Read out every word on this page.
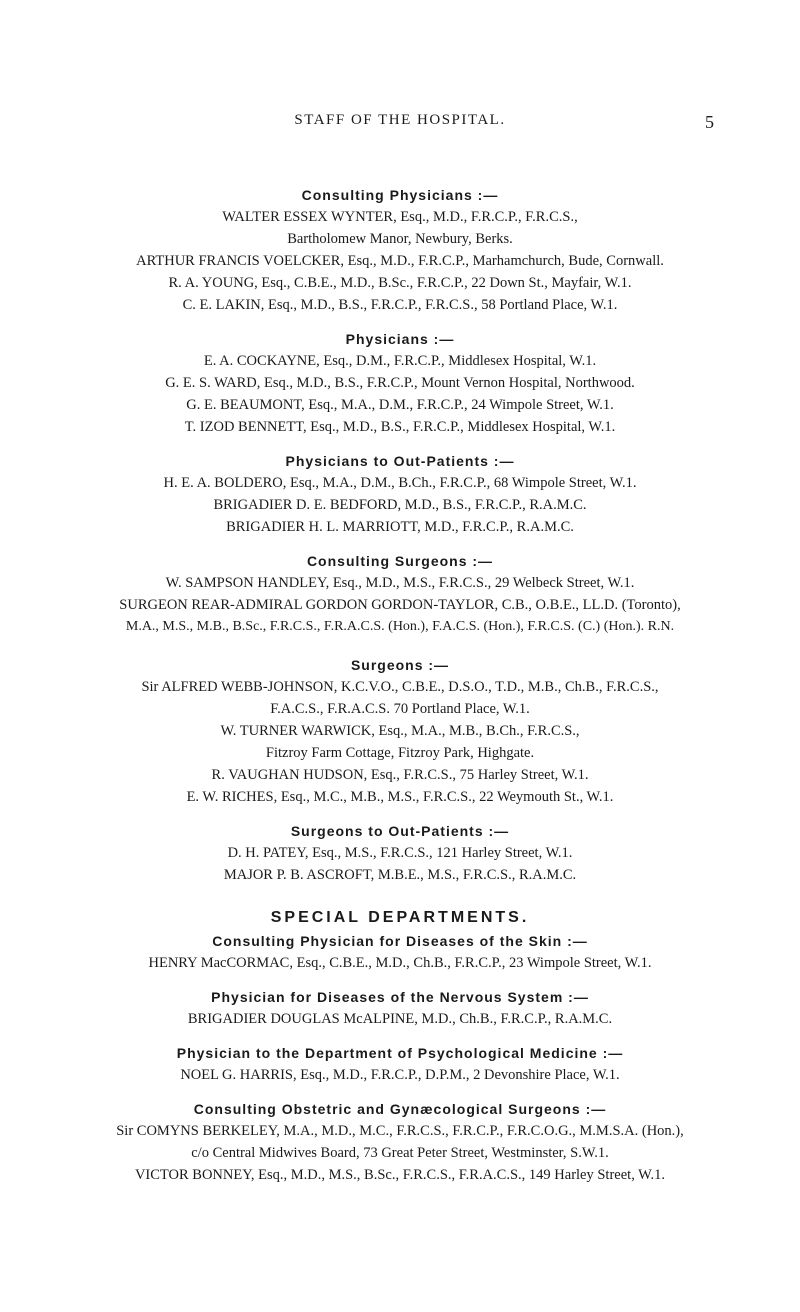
STAFF OF THE HOSPITAL.	5

Consulting Physicians :—

WALTER ESSEX WYNTER, Esq., M.D., F.R.C.P., F.R.C.S.,

Bartholomew Manor, Newbury, Berks.

ARTHUR FRANCIS VOELCKER, Esq., M.D., F.R.C.P., Marhamchurch, Bude, Cornwall.

R. A. YOUNG, Esq., C.B.E., M.D., B.Sc., F.R.C.P., 22 Down St., Mayfair, W.1.

C. E. LAKIN, Esq., M.D., B.S., F.R.C.P., F.R.C.S., 58 Portland Place, W.1.

Physicians :—

E. A. COCKAYNE, Esq., D.M., F.R.C.P., Middlesex Hospital, W.1.

G. E. S. WARD, Esq., M.D., B.S., F.R.C.P., Mount Vernon Hospital, Northwood.

G. E. BEAUMONT, Esq., M.A., D.M., F.R.C.P., 24 Wimpole Street, W.1.

T. IZOD BENNETT, Esq., M.D., B.S., F.R.C.P., Middlesex Hospital, W.1.

Physicians to Out-Patients :—

H. E. A. BOLDERO, Esq., M.A., D.M., B.Ch., F.R.C.P., 68 Wimpole Street, W.1.

BRIGADIER D. E. BEDFORD, M.D., B.S., F.R.C.P., R.A.M.C.

BRIGADIER H. L. MARRIOTT, M.D., F.R.C.P., R.A.M.C.

Consulting Surgeons :—

W. SAMPSON HANDLEY, Esq., M.D., M.S., F.R.C.S., 29 Welbeck Street, W.1.

SURGEON REAR-ADMIRAL GORDON GORDON-TAYLOR, C.B., O.B.E., LL.D. (Toronto),

M.A., M.S., M.B., B.Sc., F.R.C.S., F.R.A.C.S. (Hon.), F.A.C.S. (Hon.), F.R.C.S. (C.) (Hon.). R.N.

Surgeons :—

Sir ALFRED WEBB-JOHNSON, K.C.V.O., C.B.E., D.S.O., T.D., M.B., Ch.B., F.R.C.S.,

F.A.C.S., F.R.A.C.S. 70 Portland Place, W.1.

W. TURNER WARWICK, Esq., M.A., M.B., B.Ch., F.R.C.S.,

Fitzroy Farm Cottage, Fitzroy Park, Highgate.

R. VAUGHAN HUDSON, Esq., F.R.C.S., 75 Harley Street, W.1.

E. W. RICHES, Esq., M.C., M.B., M.S., F.R.C.S., 22 Weymouth St., W.1.

Surgeons to Out-Patients :—

D. H. PATEY, Esq., M.S., F.R.C.S., 121 Harley Street, W.1.

MAJOR P. B. ASCROFT, M.B.E., M.S., F.R.C.S., R.A.M.C.

SPECIAL DEPARTMENTS.

Consulting Physician for Diseases of the Skin :—

HENRY MacCORMAC, Esq., C.B.E., M.D., Ch.B., F.R.C.P., 23 Wimpole Street, W.1.

Physician for Diseases of the Nervous System :—

BRIGADIER DOUGLAS McALPINE, M.D., Ch.B., F.R.C.P., R.A.M.C.

Physician to the Department of Psychological Medicine :—

NOEL G. HARRIS, Esq., M.D., F.R.C.P., D.P.M., 2 Devonshire Place, W.1.

Consulting Obstetric and Gynæcological Surgeons :—

Sir COMYNS BERKELEY, M.A., M.D., M.C., F.R.C.S., F.R.C.P., F.R.C.O.G., M.M.S.A. (Hon.),

c/o Central Midwives Board, 73 Great Peter Street, Westminster, S.W.1.

VICTOR BONNEY, Esq., M.D., M.S., B.Sc., F.R.C.S., F.R.A.C.S., 149 Harley Street, W.1.
